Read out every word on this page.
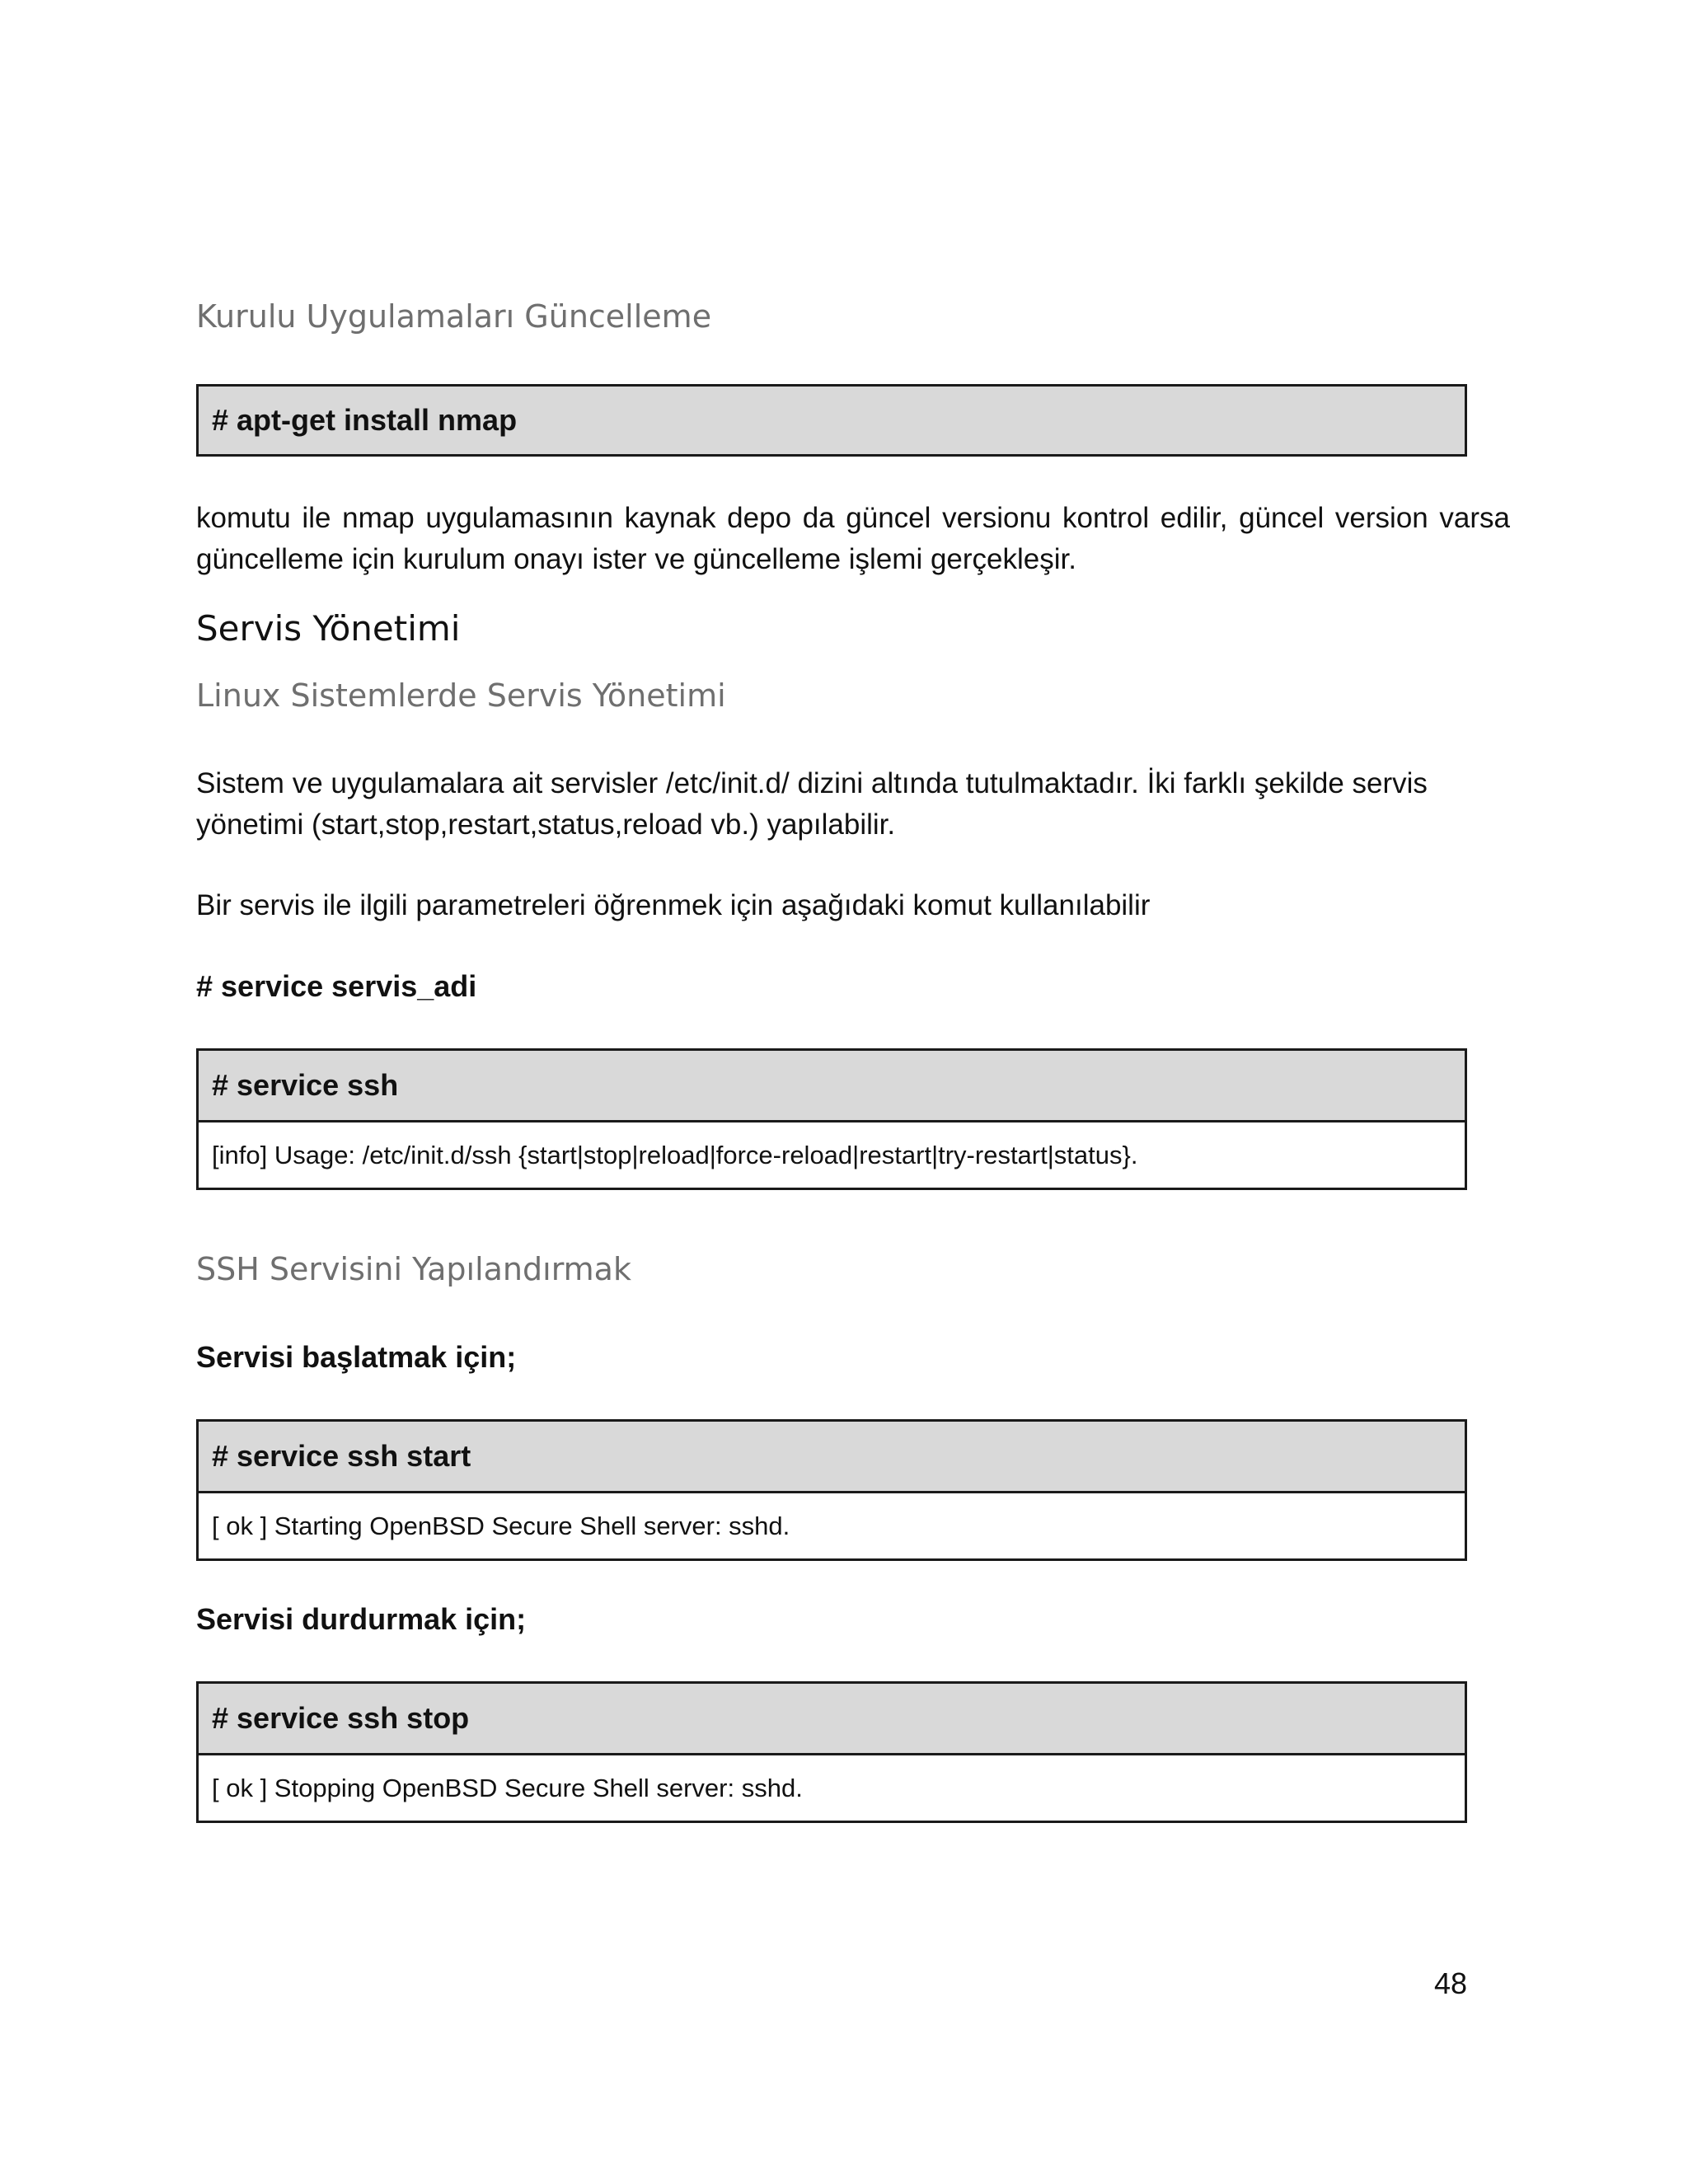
Kurulu Uygulamaları Güncelleme
# apt-get install nmap

komutu ile nmap uygulamasının kaynak depo da güncel versionu kontrol edilir, güncel version varsa güncelleme için kurulum onayı ister ve güncelleme işlemi gerçekleşir.

Servis Yönetimi
Linux Sistemlerde Servis Yönetimi

Sistem ve uygulamalara ait servisler /etc/init.d/ dizini altında tutulmaktadır. İki farklı şekilde servis yönetimi (start,stop,restart,status,reload vb.) yapılabilir.

Bir servis ile ilgili parametreleri öğrenmek için aşağıdaki komut kullanılabilir

# service servis_adi

# service ssh
[info] Usage: /etc/init.d/ssh {start|stop|reload|force-reload|restart|try-restart|status}.
SSH Servisini Yapılandırmak

Servisi başlatmak için;

# service ssh start
[ ok ] Starting OpenBSD Secure Shell server: sshd.

Servisi durdurmak için;

# service ssh stop
[ ok ] Stopping OpenBSD Secure Shell server: sshd.
48
